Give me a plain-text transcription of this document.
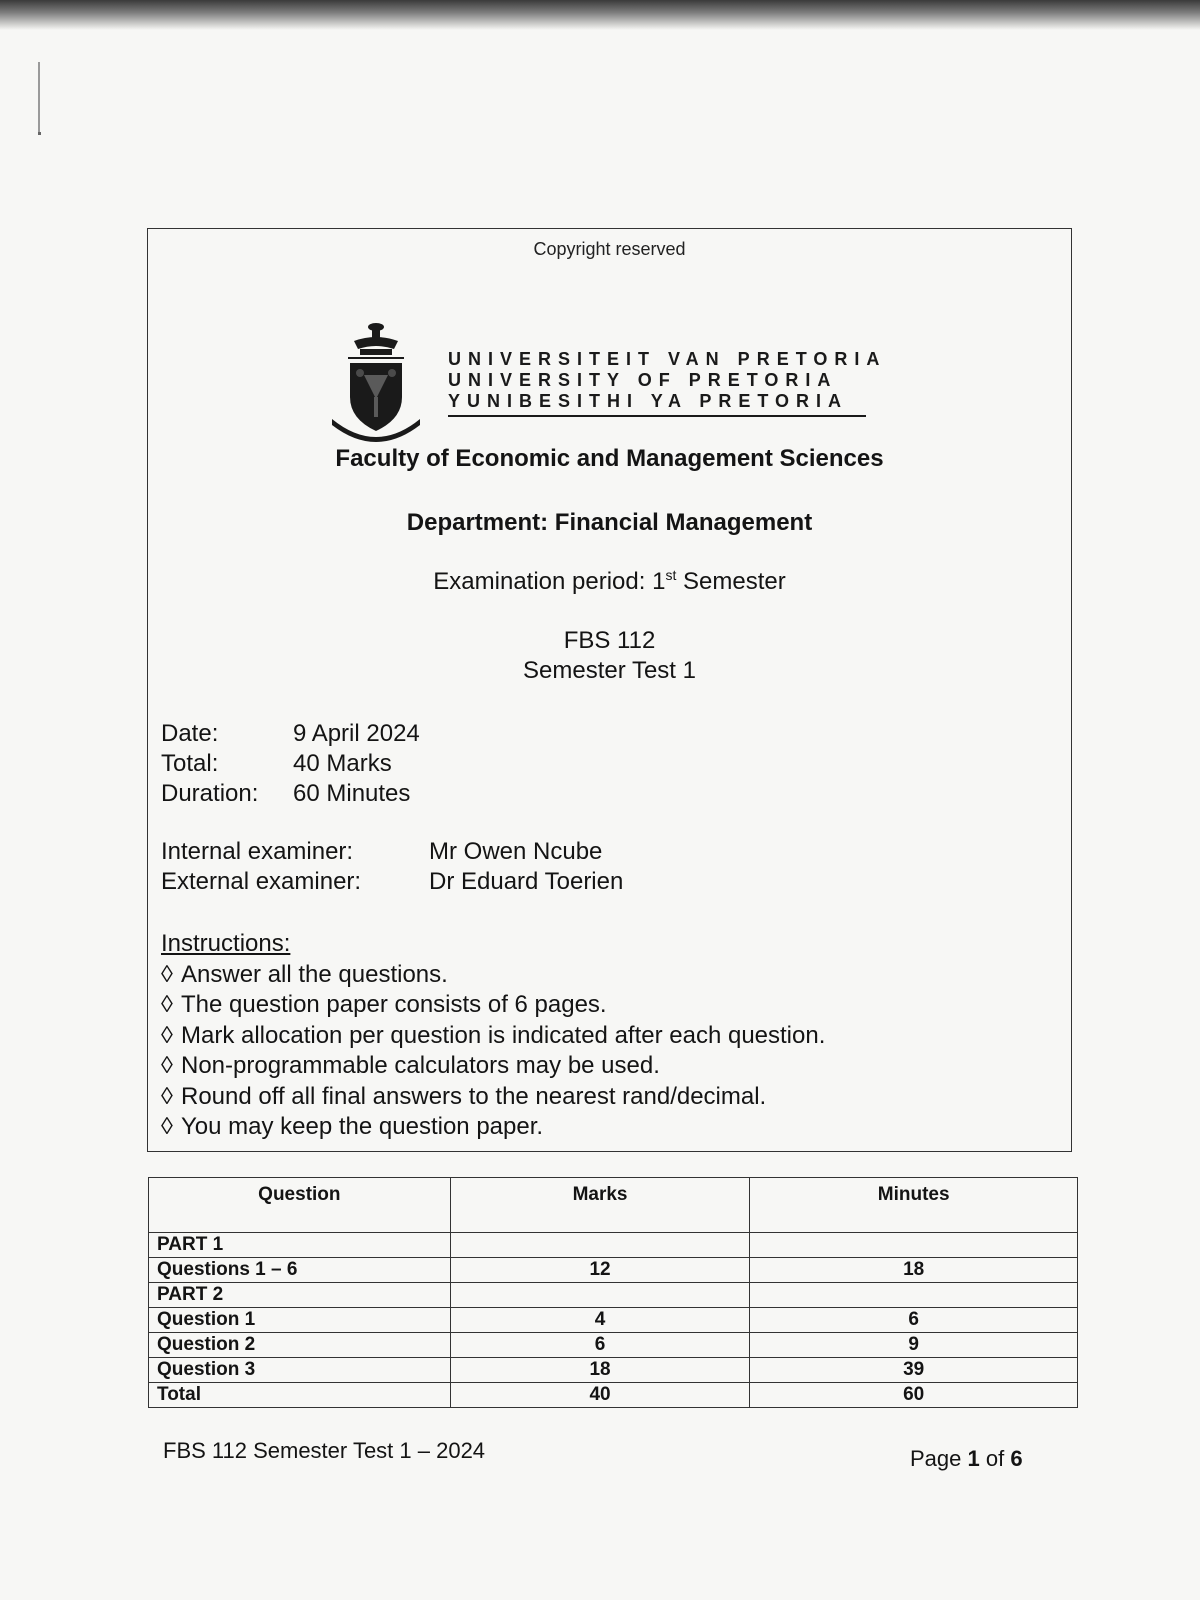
Copyright reserved
UNIVERSITEIT VAN PRETORIA
UNIVERSITY OF PRETORIA
YUNIBESITHI YA PRETORIA
Faculty of Economic and Management Sciences
Department: Financial Management
Examination period: 1st Semester
FBS 112
Semester Test 1
Date:	9 April 2024
Total:	40 Marks
Duration:	60 Minutes
Internal examiner:	Mr Owen Ncube
External examiner:	Dr Eduard Toerien
Instructions:
◊ Answer all the questions.
◊ The question paper consists of 6 pages.
◊ Mark allocation per question is indicated after each question.
◊ Non-programmable calculators may be used.
◊ Round off all final answers to the nearest rand/decimal.
◊ You may keep the question paper.
Question	Marks	Minutes
PART 1		
Questions 1 – 6	12	18
PART 2		
Question 1	4	6
Question 2	6	9
Question 3	18	39
Total	40	60
FBS 112 Semester Test 1 – 2024	Page 1 of 6
